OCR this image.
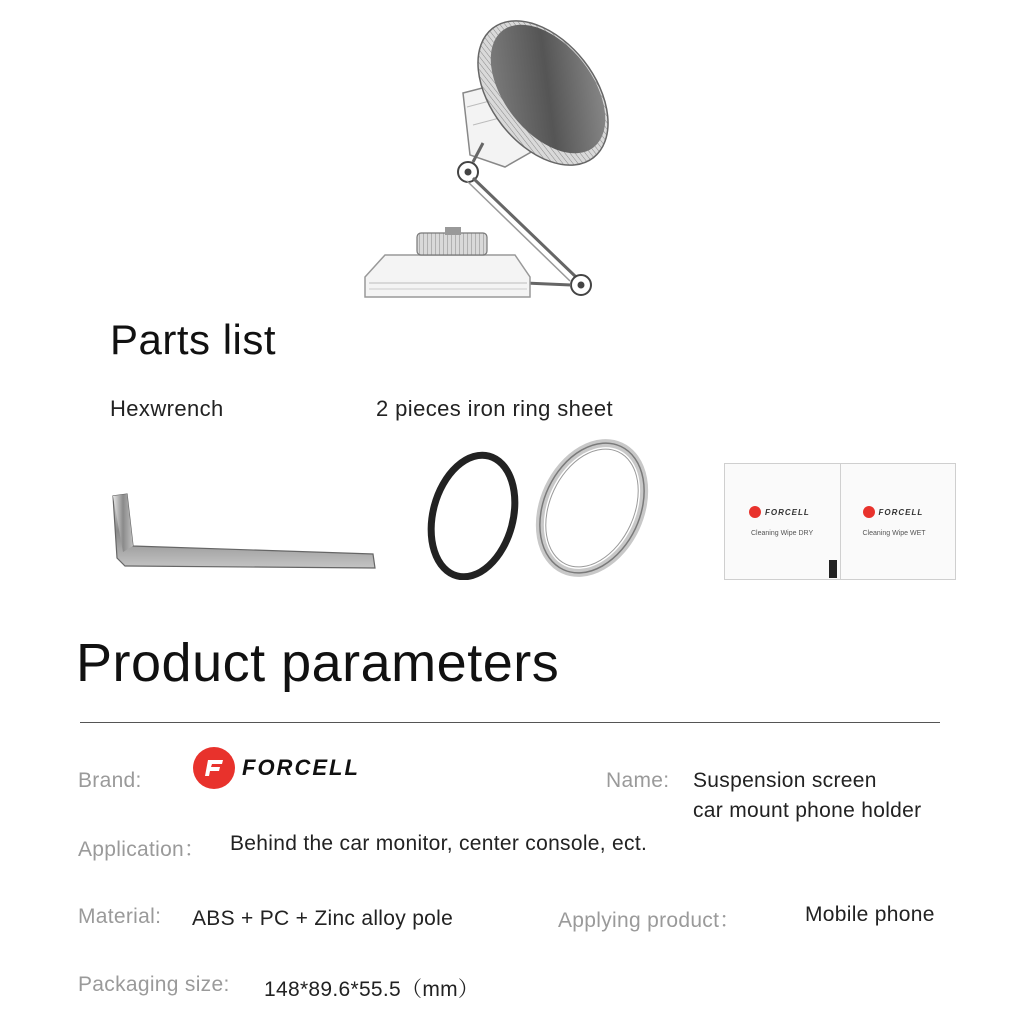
Parts list
Hexwrench	2 pieces iron ring sheet
FORCELL
Cleaning Wipe DRY
FORCELL
Cleaning Wipe WET
Product parameters
Brand:
FORCELL
Name: Suspension screen
car mount phone holder
Application： Behind the car monitor, center console, ect.
Material: ABS + PC + Zinc alloy pole	Applying product：	Mobile phone
Packaging size: 148*89.6*55.5（mm）
